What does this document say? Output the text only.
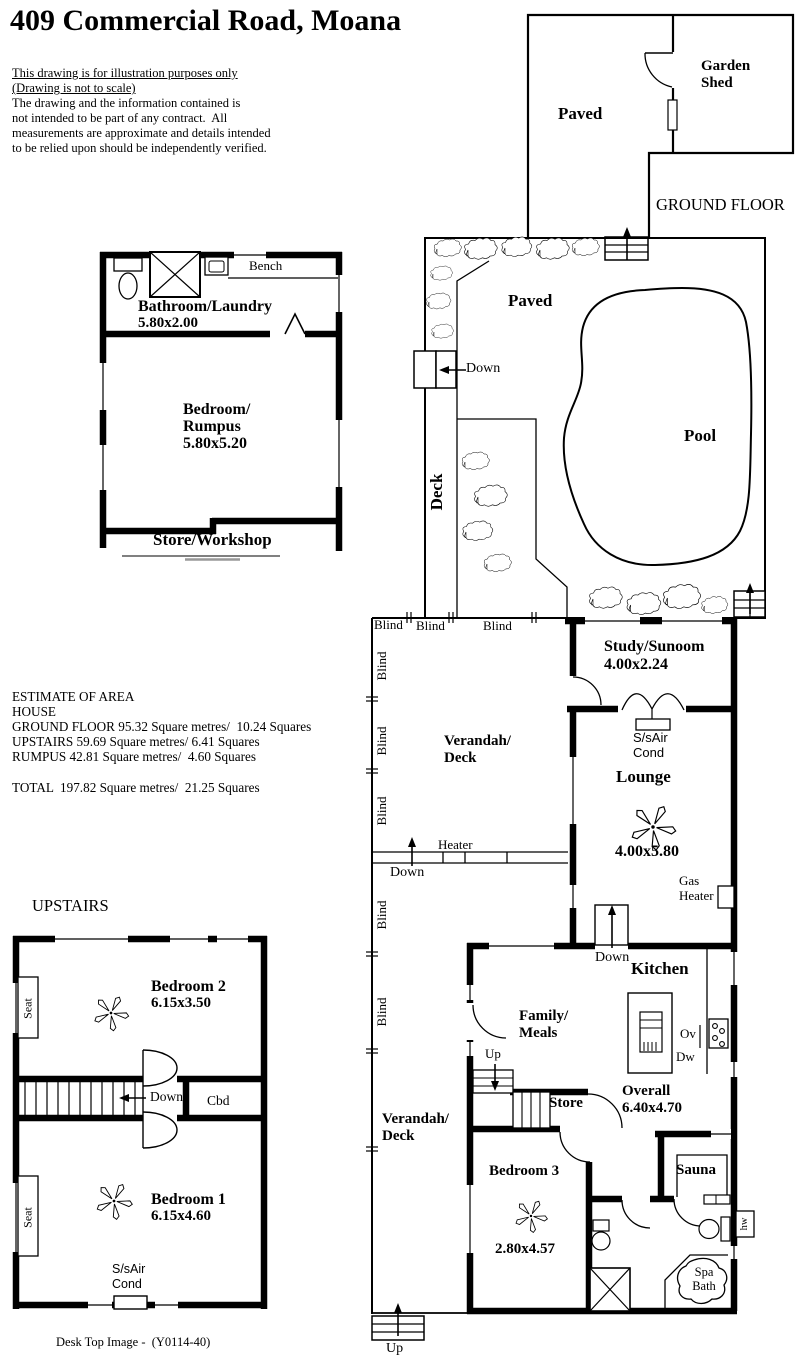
409 Commercial Road, Moana
This drawing is for illustration purposes only
(Drawing is not to scale)
The drawing and the information contained is
not intended to be part of any contract.  All
measurements are approximate and details intended
to be relied upon should be independently verified.
Paved
Garden
Shed
GROUND FLOOR
Paved
Pool
Deck
Down
Bench
Bathroom/Laundry
5.80x2.00
Bedroom/
Rumpus
5.80x5.20
Store/Workshop
Blind Blind	Blind
Blind
Blind
Blind
Blind
Blind
Verandah/
Deck
Heater
Down
Study/Sunoom
4.00x2.24
S/sAir
Cond
Lounge
4.00x5.80
Gas
Heater
Down
Kitchen
Family/
Meals	Ov
Dw
Up
Store
Overall
6.40x4.70
Verandah/
Deck
Bedroom 3
2.80x4.57
Sauna
hw
Spa
Bath
Up
ESTIMATE OF AREA
HOUSE
GROUND FLOOR 95.32 Square metres/  10.24 Squares
UPSTAIRS 59.69 Square metres/ 6.41 Squares
RUMPUS 42.81 Square metres/  4.60 Squares
TOTAL  197.82 Square metres/  21.25 Squares
UPSTAIRS
Seat
Seat
Bedroom 2
6.15x3.50
Down Cbd
Bedroom 1
6.15x4.60
S/sAir
Cond
Desk Top Image -  (Y0114-40)
